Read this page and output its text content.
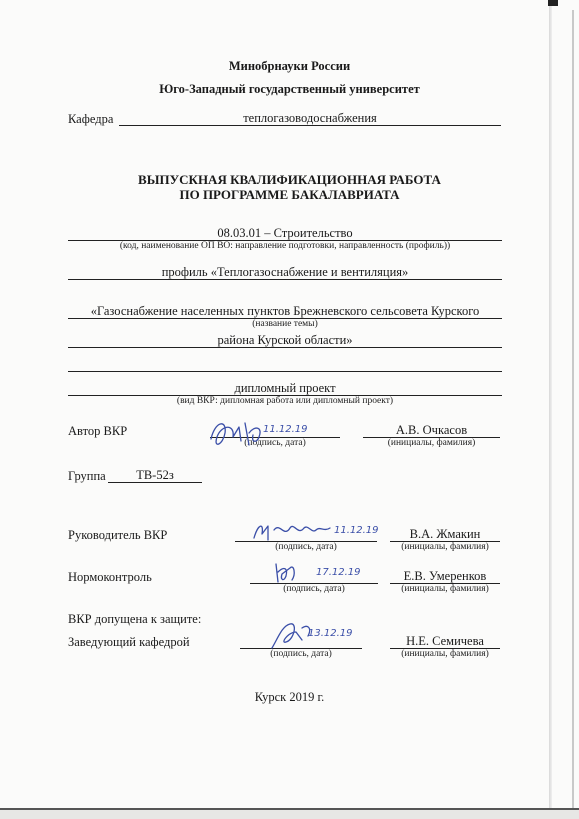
Минобрнауки России
Юго-Западный государственный университет
Кафедра	теплогазоводоснабжения
ВЫПУСКНАЯ КВАЛИФИКАЦИОННАЯ РАБОТА
ПО ПРОГРАММЕ БАКАЛАВРИАТА
08.03.01 – Строительство
(код, наименование ОП ВО: направление подготовки, направленность (профиль))
профиль «Теплогазоснабжение и вентиляция»
«Газоснабжение населенных пунктов Брежневского сельсовета Курского
(название темы)
района Курской области»
дипломный проект
(вид ВКР: дипломная работа или дипломный проект)
Автор ВКР
(подпись, дата)
А.В. Очкасов
(инициалы, фамилия)
11.12.19
Группа	ТВ-52з
Руководитель ВКР
(подпись, дата)
В.А. Жмакин
(инициалы, фамилия)
11.12.19
Нормоконтроль
(подпись, дата)
Е.В. Умеренков
(инициалы, фамилия)
17.12.19
ВКР допущена к защите:
Заведующий кафедрой
(подпись, дата)
Н.Е. Семичева
(инициалы, фамилия)
13.12.19
Курск 2019 г.
